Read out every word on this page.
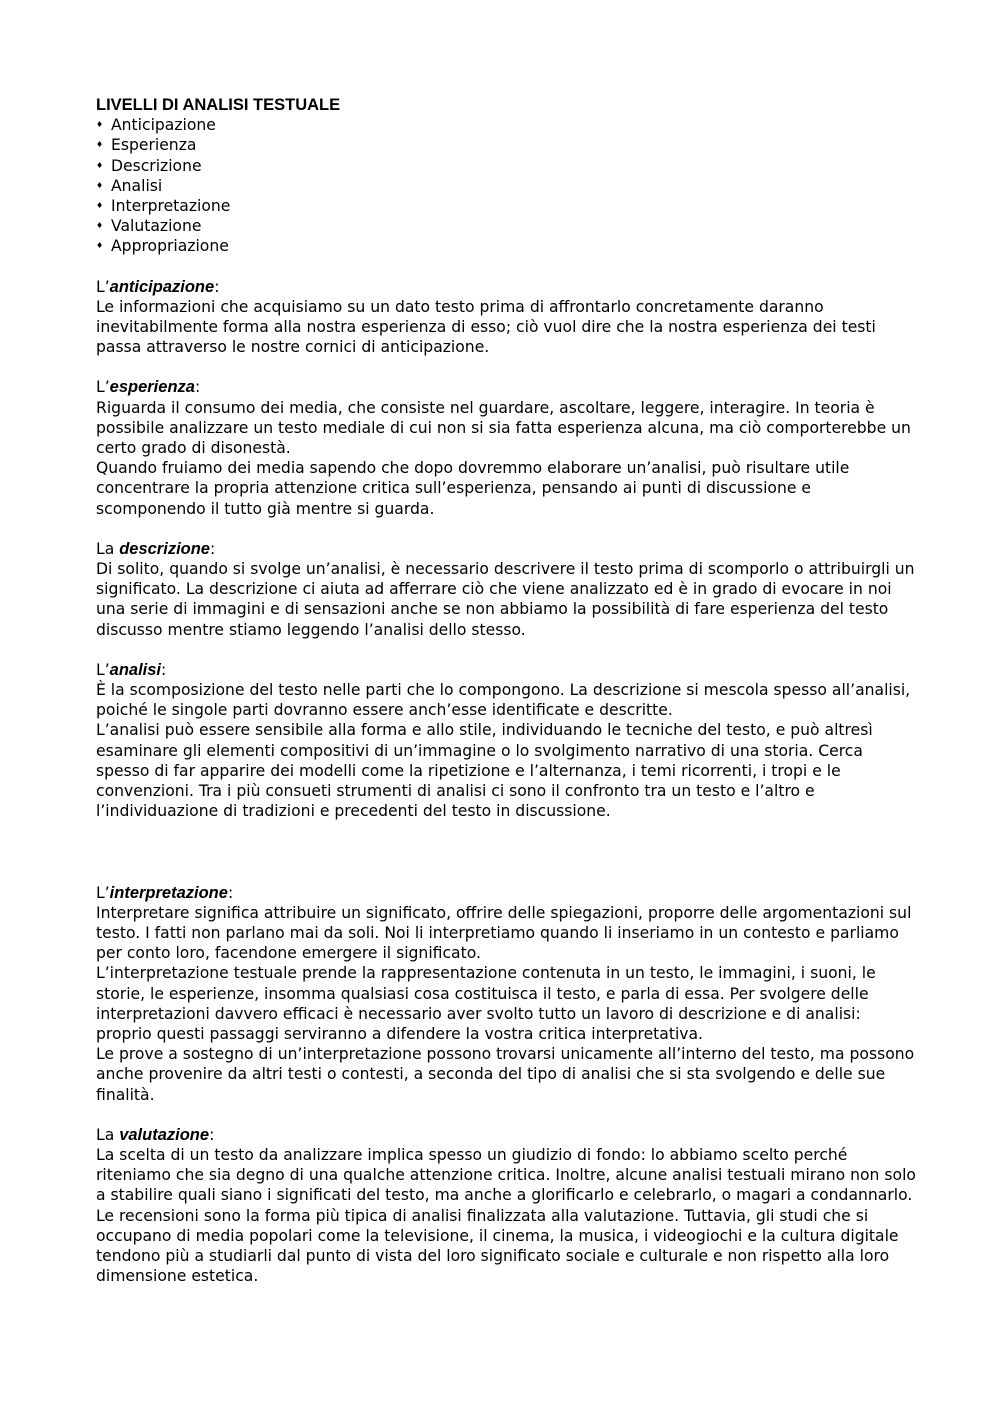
LIVELLI DI ANALISI TESTUALE
♦ Anticipazione
♦ Esperienza
♦ Descrizione
♦ Analisi
♦ Interpretazione
♦ Valutazione
♦ Appropriazione
L’anticipazione:

Le informazioni che acquisiamo su un dato testo prima di affrontarlo concretamente daranno inevitabilmente forma alla nostra esperienza di esso; ciò vuol dire che la nostra esperienza dei testi passa attraverso le nostre cornici di anticipazione.

L’esperienza:

Riguarda il consumo dei media, che consiste nel guardare, ascoltare, leggere, interagire. In teoria è possibile analizzare un testo mediale di cui non si sia fatta esperienza alcuna, ma ciò comporterebbe un certo grado di disonestà.

Quando fruiamo dei media sapendo che dopo dovremmo elaborare un’analisi, può risultare utile concentrare la propria attenzione critica sull’esperienza, pensando ai punti di discussione e scomponendo il tutto già mentre si guarda.

La descrizione:

Di solito, quando si svolge un’analisi, è necessario descrivere il testo prima di scomporlo o attribuirgli un significato. La descrizione ci aiuta ad afferrare ciò che viene analizzato ed è in grado di evocare in noi una serie di immagini e di sensazioni anche se non abbiamo la possibilità di fare esperienza del testo discusso mentre stiamo leggendo l’analisi dello stesso.

L’analisi:

È la scomposizione del testo nelle parti che lo compongono. La descrizione si mescola spesso all’analisi, poiché le singole parti dovranno essere anch’esse identificate e descritte.

L’analisi può essere sensibile alla forma e allo stile, individuando le tecniche del testo, e può altresì esaminare gli elementi compositivi di un’immagine o lo svolgimento narrativo di una storia. Cerca spesso di far apparire dei modelli come la ripetizione e l’alternanza, i temi ricorrenti, i tropi e le convenzioni. Tra i più consueti strumenti di analisi ci sono il confronto tra un testo e l’altro e l’individuazione di tradizioni e precedenti del testo in discussione.

L’interpretazione:

Interpretare significa attribuire un significato, offrire delle spiegazioni, proporre delle argomentazioni sul testo. I fatti non parlano mai da soli. Noi li interpretiamo quando li inseriamo in un contesto e parliamo per conto loro, facendone emergere il significato.

L’interpretazione testuale prende la rappresentazione contenuta in un testo, le immagini, i suoni, le storie, le esperienze, insomma qualsiasi cosa costituisca il testo, e parla di essa. Per svolgere delle interpretazioni davvero efficaci è necessario aver svolto tutto un lavoro di descrizione e di analisi: proprio questi passaggi serviranno a difendere la vostra critica interpretativa.

Le prove a sostegno di un’interpretazione possono trovarsi unicamente all’interno del testo, ma possono anche provenire da altri testi o contesti, a seconda del tipo di analisi che si sta svolgendo e delle sue finalità.

La valutazione:

La scelta di un testo da analizzare implica spesso un giudizio di fondo: lo abbiamo scelto perché riteniamo che sia degno di una qualche attenzione critica. Inoltre, alcune analisi testuali mirano non solo a stabilire quali siano i significati del testo, ma anche a glorificarlo e celebrarlo, o magari a condannarlo.

Le recensioni sono la forma più tipica di analisi finalizzata alla valutazione. Tuttavia, gli studi che si occupano di media popolari come la televisione, il cinema, la musica, i videogiochi e la cultura digitale tendono più a studiarli dal punto di vista del loro significato sociale e culturale e non rispetto alla loro dimensione estetica.
